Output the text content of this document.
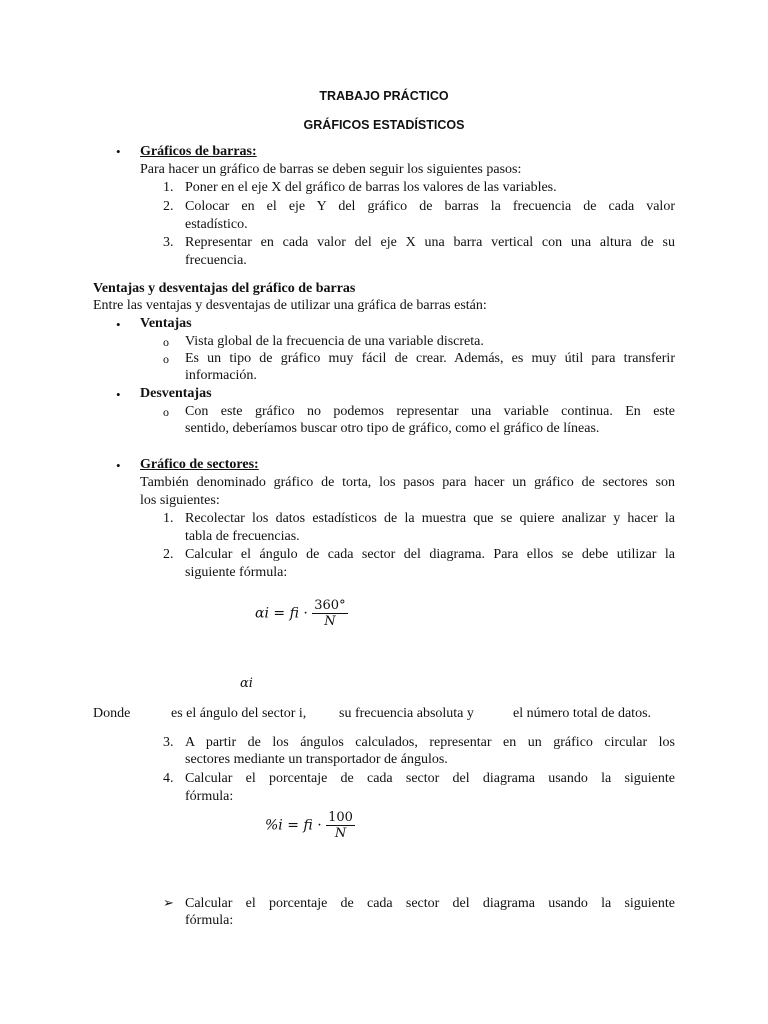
TRABAJO PRÁCTICO
GRÁFICOS ESTADÍSTICOS
• Gráficos de barras:
Para hacer un gráfico de barras se deben seguir los siguientes pasos:
1. Poner en el eje X del gráfico de barras los valores de las variables.
2. Colocar en el eje Y del gráfico de barras la frecuencia de cada valor
estadístico.
3. Representar en cada valor del eje X una barra vertical con una altura de su
frecuencia.
Ventajas y desventajas del gráfico de barras
Entre las ventajas y desventajas de utilizar una gráfica de barras están:
• Ventajas
o Vista global de la frecuencia de una variable discreta.
o Es un tipo de gráfico muy fácil de crear. Además, es muy útil para transferir
información.
• Desventajas
o Con este gráfico no podemos representar una variable continua. En este
sentido, deberíamos buscar otro tipo de gráfico, como el gráfico de líneas.
• Gráfico de sectores:
También denominado gráfico de torta, los pasos para hacer un gráfico de sectores son
los siguientes:
1. Recolectar los datos estadísticos de la muestra que se quiere analizar y hacer la
tabla de frecuencias.
2. Calcular el ángulo de cada sector del diagrama. Para ellos se debe utilizar la
siguiente fórmula:
αi = fi · $\frac{360^\circ}{N}$
αi
Donde	es el ángulo del sector i, su frecuencia absoluta y	el número total de datos.
3. A partir de los ángulos calculados, representar en un gráfico circular los
sectores mediante un transportador de ángulos.
4. Calcular el porcentaje de cada sector del diagrama usando la siguiente
fórmula:
%i = fi · $\frac{100}{N}$
➢ Calcular el porcentaje de cada sector del diagrama usando la siguiente
fórmula:
